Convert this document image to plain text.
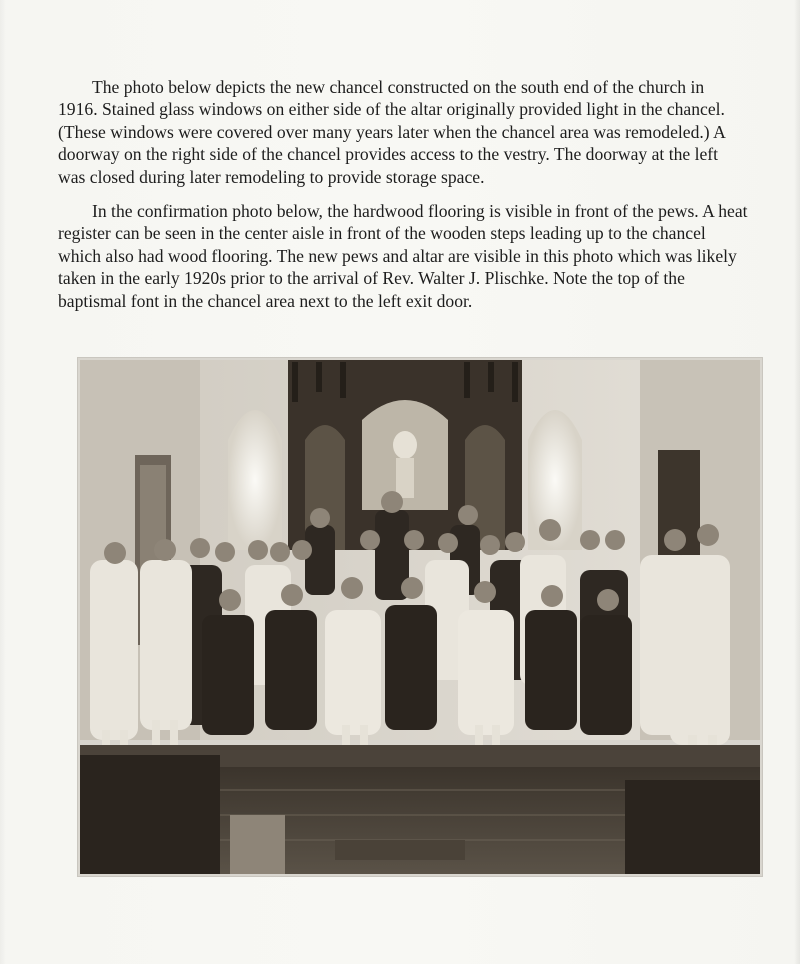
The photo below depicts the new chancel constructed on the south end of the church in 1916. Stained glass windows on either side of the altar originally provided light in the chancel. (These windows were covered over many years later when the chancel area was remodeled.) A doorway on the right side of the chancel provides access to the vestry. The doorway at the left was closed during later remodeling to provide storage space.

In the confirmation photo below, the hardwood flooring is visible in front of the pews. A heat register can be seen in the center aisle in front of the wooden steps leading up to the chancel which also had wood flooring. The new pews and altar are visible in this photo which was likely taken in the early 1920s prior to the arrival of Rev. Walter J. Plischke. Note the top of the baptismal font in the chancel area next to the left exit door.
